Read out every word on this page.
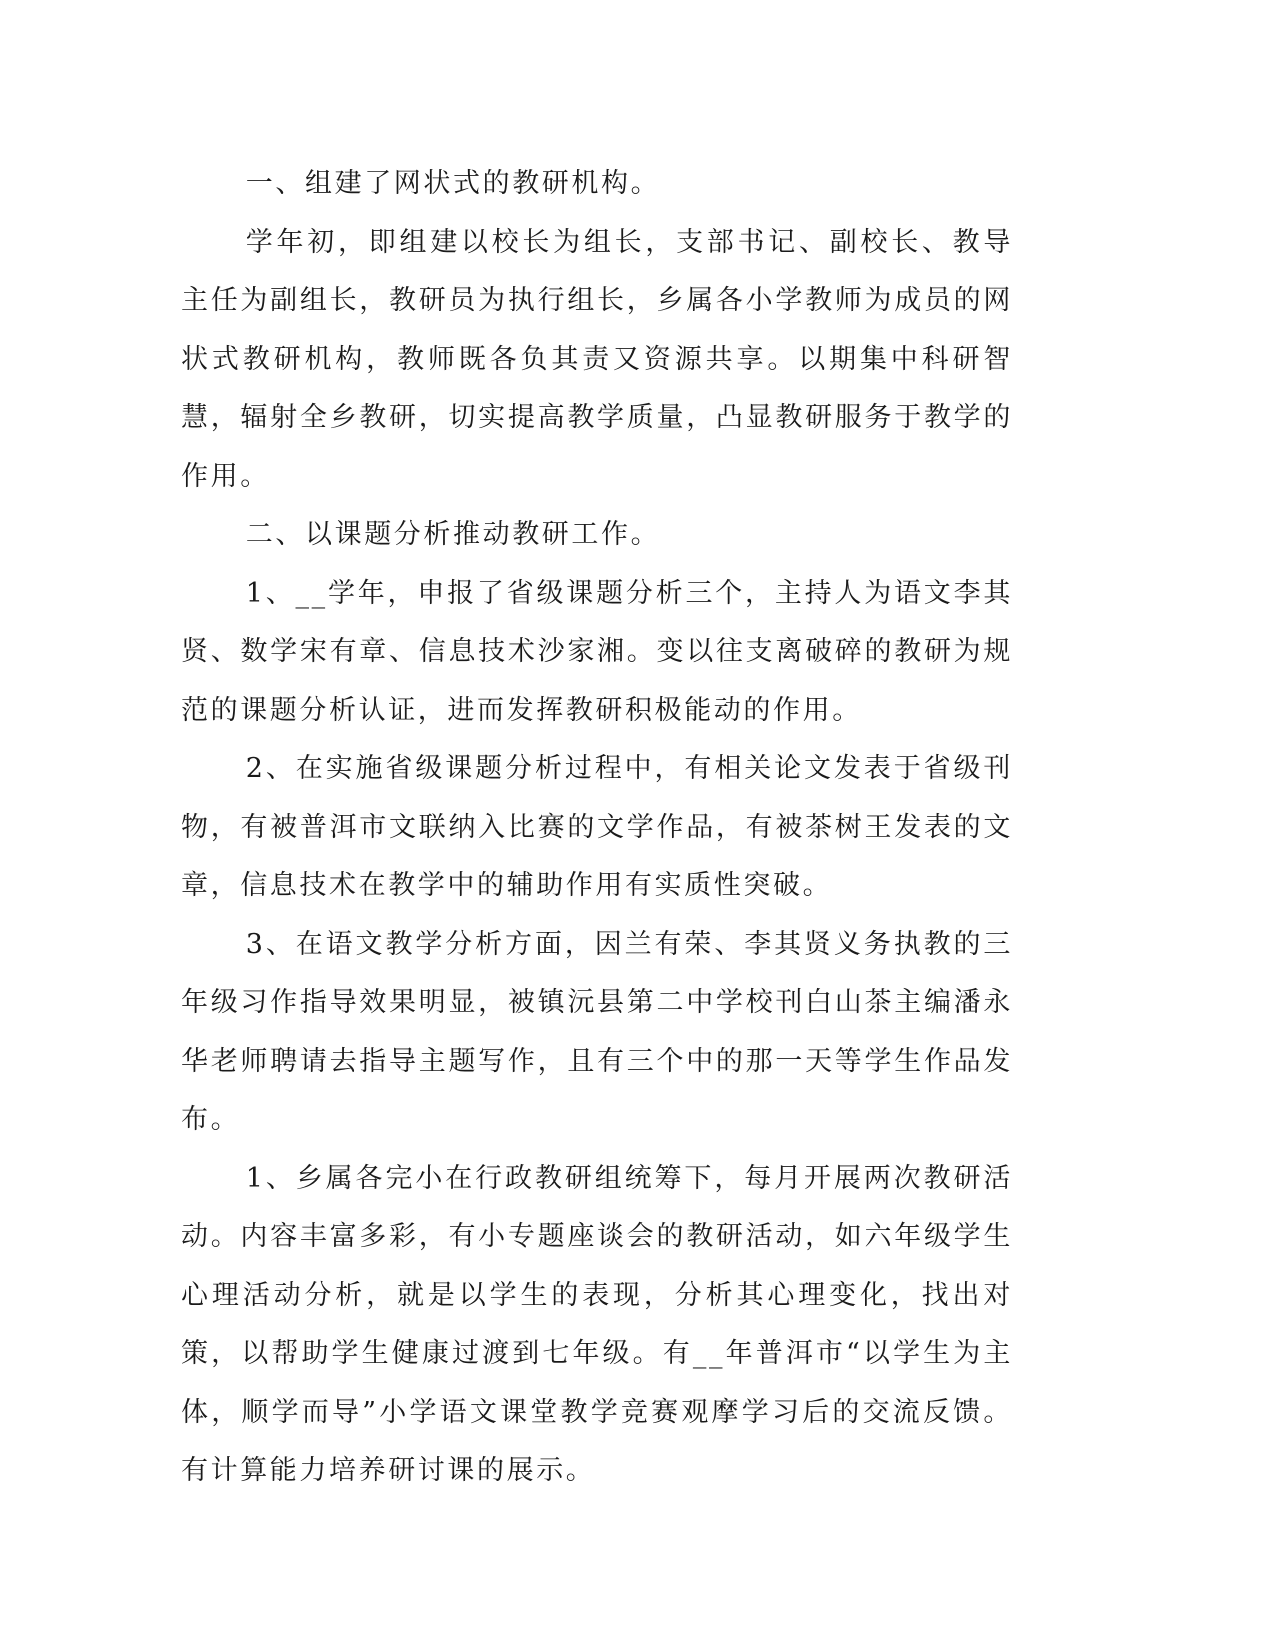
一、组建了网状式的教研机构。

学年初，即组建以校长为组长，支部书记、副校长、教导主任为副组长，教研员为执行组长，乡属各小学教师为成员的网状式教研机构，教师既各负其责又资源共享。以期集中科研智慧，辐射全乡教研，切实提高教学质量，凸显教研服务于教学的作用。

二、以课题分析推动教研工作。

1、__学年，申报了省级课题分析三个，主持人为语文李其贤、数学宋有章、信息技术沙家湘。变以往支离破碎的教研为规范的课题分析认证，进而发挥教研积极能动的作用。

2、在实施省级课题分析过程中，有相关论文发表于省级刊物，有被普洱市文联纳入比赛的文学作品，有被茶树王发表的文章，信息技术在教学中的辅助作用有实质性突破。

3、在语文教学分析方面，因兰有荣、李其贤义务执教的三年级习作指导效果明显，被镇沅县第二中学校刊白山茶主编潘永华老师聘请去指导主题写作，且有三个中的那一天等学生作品发布。

1、乡属各完小在行政教研组统筹下，每月开展两次教研活动。内容丰富多彩，有小专题座谈会的教研活动，如六年级学生心理活动分析，就是以学生的表现，分析其心理变化，找出对策，以帮助学生健康过渡到七年级。有__年普洱市“以学生为主体，顺学而导”小学语文课堂教学竞赛观摩学习后的交流反馈。有计算能力培养研讨课的展示。
